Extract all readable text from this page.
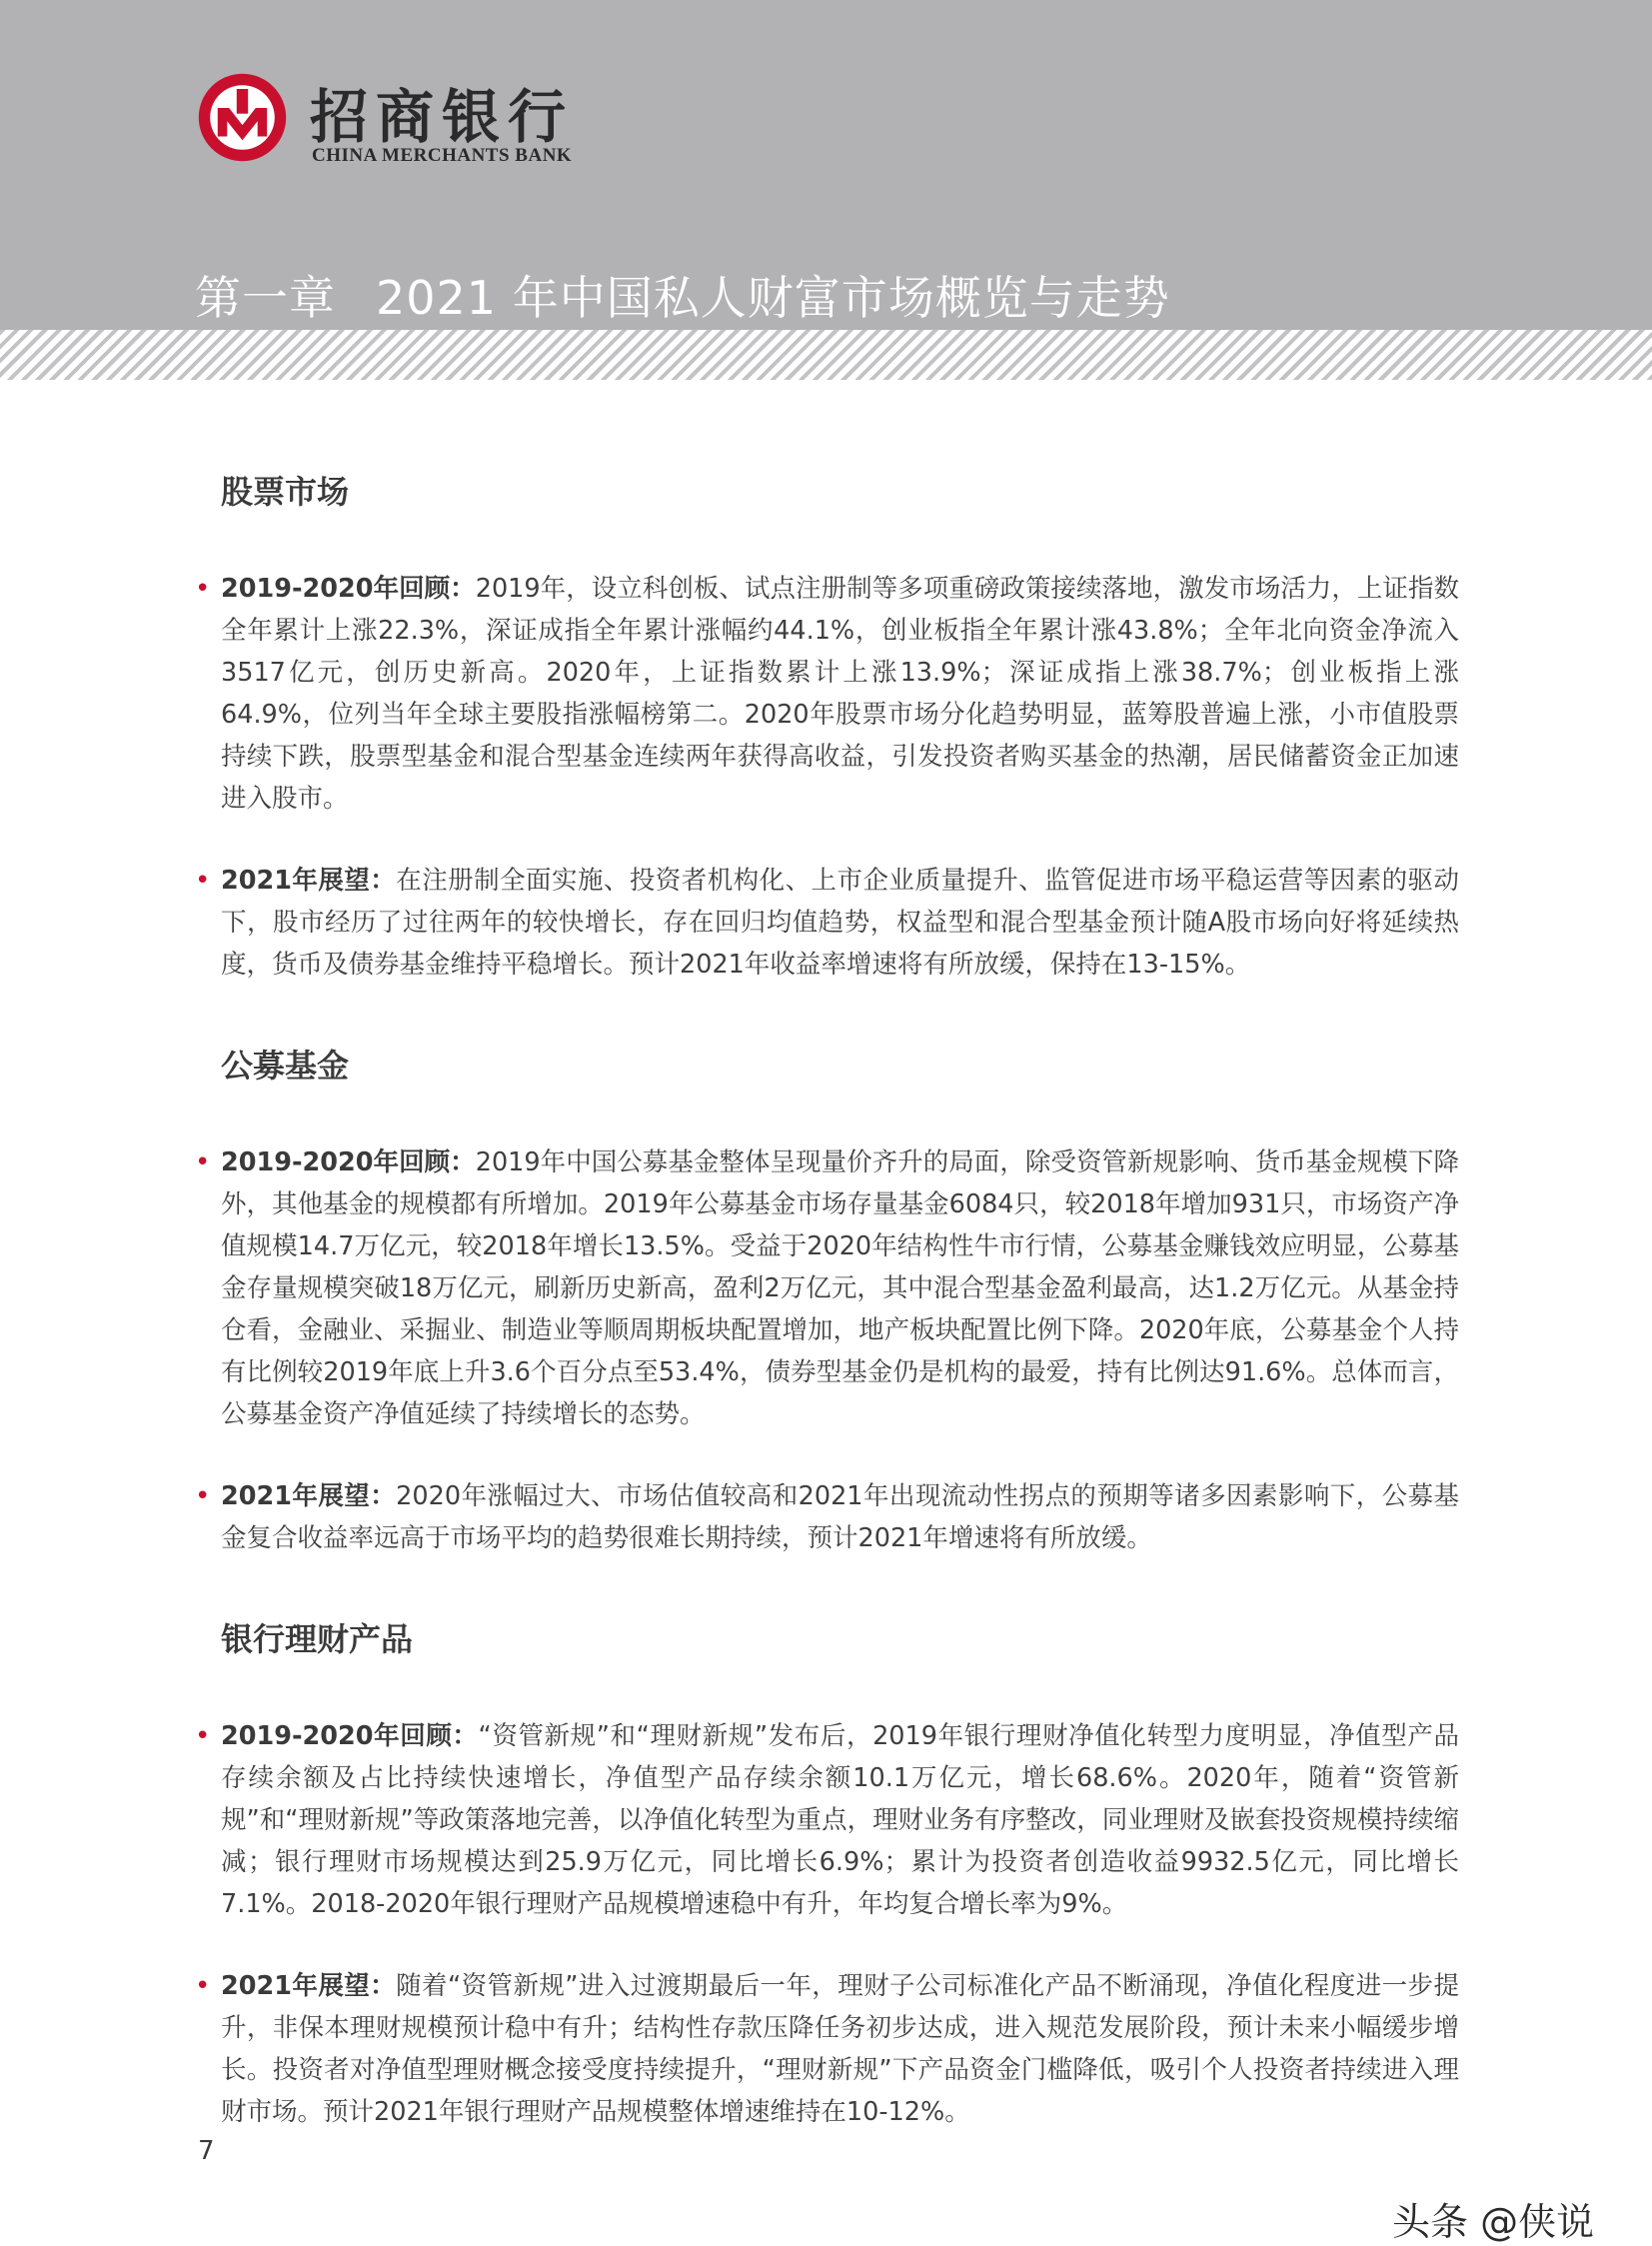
招商银行
CHINA MERCHANTS BANK
第一章 2021 年中国私人财富市场概览与走势
股票市场
• 2019-2020年回顾：2019年，设立科创板、试点注册制等多项重磅政策接续落地，激发市场活力，上证指数全年累计上涨22.3%，深证成指全年累计涨幅约44.1%，创业板指全年累计涨43.8%；全年北向资金净流入3517亿元，创历史新高。2020年，上证指数累计上涨13.9%；深证成指上涨38.7%；创业板指上涨64.9%，位列当年全球主要股指涨幅榜第二。2020年股票市场分化趋势明显，蓝筹股普遍上涨，小市值股票持续下跌，股票型基金和混合型基金连续两年获得高收益，引发投资者购买基金的热潮，居民储蓄资金正加速进入股市。
• 2021年展望：在注册制全面实施、投资者机构化、上市企业质量提升、监管促进市场平稳运营等因素的驱动下，股市经历了过往两年的较快增长，存在回归均值趋势，权益型和混合型基金预计随A股市场向好将延续热度，货币及债券基金维持平稳增长。预计2021年收益率增速将有所放缓，保持在13-15%。
公募基金
• 2019-2020年回顾：2019年中国公募基金整体呈现量价齐升的局面，除受资管新规影响、货币基金规模下降外，其他基金的规模都有所增加。2019年公募基金市场存量基金6084只，较2018年增加931只，市场资产净值规模14.7万亿元，较2018年增长13.5%。受益于2020年结构性牛市行情，公募基金赚钱效应明显，公募基金存量规模突破18万亿元，刷新历史新高，盈利2万亿元，其中混合型基金盈利最高，达1.2万亿元。从基金持仓看，金融业、采掘业、制造业等顺周期板块配置增加，地产板块配置比例下降。2020年底，公募基金个人持有比例较2019年底上升3.6个百分点至53.4%，债券型基金仍是机构的最爱，持有比例达91.6%。总体而言，公募基金资产净值延续了持续增长的态势。
• 2021年展望：2020年涨幅过大、市场估值较高和2021年出现流动性拐点的预期等诸多因素影响下，公募基金复合收益率远高于市场平均的趋势很难长期持续，预计2021年增速将有所放缓。
银行理财产品
• 2019-2020年回顾：“资管新规”和“理财新规”发布后，2019年银行理财净值化转型力度明显，净值型产品存续余额及占比持续快速增长，净值型产品存续余额10.1万亿元，增长68.6%。2020年，随着“资管新规”和“理财新规”等政策落地完善，以净值化转型为重点，理财业务有序整改，同业理财及嵌套投资规模持续缩减；银行理财市场规模达到25.9万亿元，同比增长6.9%；累计为投资者创造收益9932.5亿元，同比增长7.1%。2018-2020年银行理财产品规模增速稳中有升，年均复合增长率为9%。
• 2021年展望：随着“资管新规”进入过渡期最后一年，理财子公司标准化产品不断涌现，净值化程度进一步提升，非保本理财规模预计稳中有升；结构性存款压降任务初步达成，进入规范发展阶段，预计未来小幅缓步增长。投资者对净值型理财概念接受度持续提升，“理财新规”下产品资金门槛降低，吸引个人投资者持续进入理财市场。预计2021年银行理财产品规模整体增速维持在10-12%。
7
头条 @侠说
